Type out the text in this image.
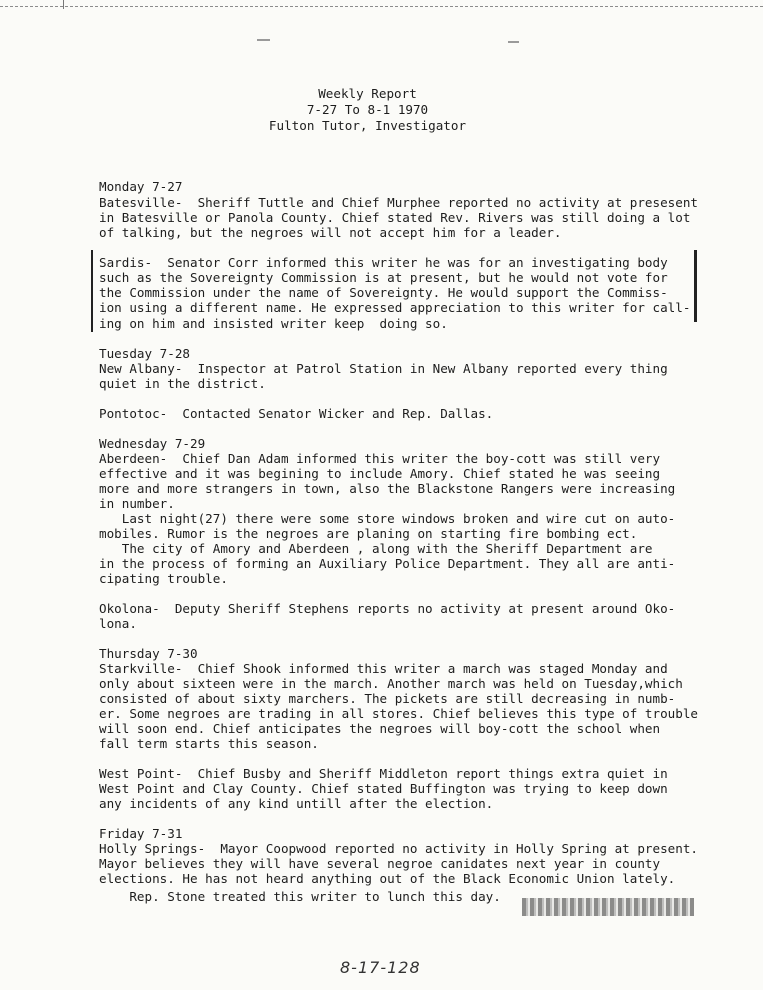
Weekly Report
7-27 To 8-1 1970
Fulton Tutor, Investigator
Monday 7-27
Batesville-  Sheriff Tuttle and Chief Murphee reported no activity at presesent
in Batesville or Panola County. Chief stated Rev. Rivers was still doing a lot
of talking, but the negroes will not accept him for a leader.
Sardis-  Senator Corr informed this writer he was for an investigating body
such as the Sovereignty Commission is at present, but he would not vote for
the Commission under the name of Sovereignty. He would support the Commiss-
ion using a different name. He expressed appreciation to this writer for call-
ing on him and insisted writer keep  doing so.
Tuesday 7-28
New Albany-  Inspector at Patrol Station in New Albany reported every thing
quiet in the district.
Pontotoc-  Contacted Senator Wicker and Rep. Dallas.
Wednesday 7-29
Aberdeen-  Chief Dan Adam informed this writer the boy-cott was still very
effective and it was begining to include Amory. Chief stated he was seeing
more and more strangers in town, also the Blackstone Rangers were increasing
in number.
Last night(27) there were some store windows broken and wire cut on auto-
mobiles. Rumor is the negroes are planing on starting fire bombing ect.
The city of Amory and Aberdeen , along with the Sheriff Department are
in the process of forming an Auxiliary Police Department. They all are anti-
cipating trouble.
Okolona-  Deputy Sheriff Stephens reports no activity at present around Oko-
lona.
Thursday 7-30
Starkville-  Chief Shook informed this writer a march was staged Monday and
only about sixteen were in the march. Another march was held on Tuesday,which
consisted of about sixty marchers. The pickets are still decreasing in numb-
er. Some negroes are trading in all stores. Chief believes this type of trouble
will soon end. Chief anticipates the negroes will boy-cott the school when
fall term starts this season.
West Point-  Chief Busby and Sheriff Middleton report things extra quiet in
West Point and Clay County. Chief stated Buffington was trying to keep down
any incidents of any kind untill after the election.
Friday 7-31
Holly Springs-  Mayor Coopwood reported no activity in Holly Spring at present.
Mayor believes they will have several negroe canidates next year in county
elections. He has not heard anything out of the Black Economic Union lately.
Rep. Stone treated this writer to lunch this day.
8-17-128
